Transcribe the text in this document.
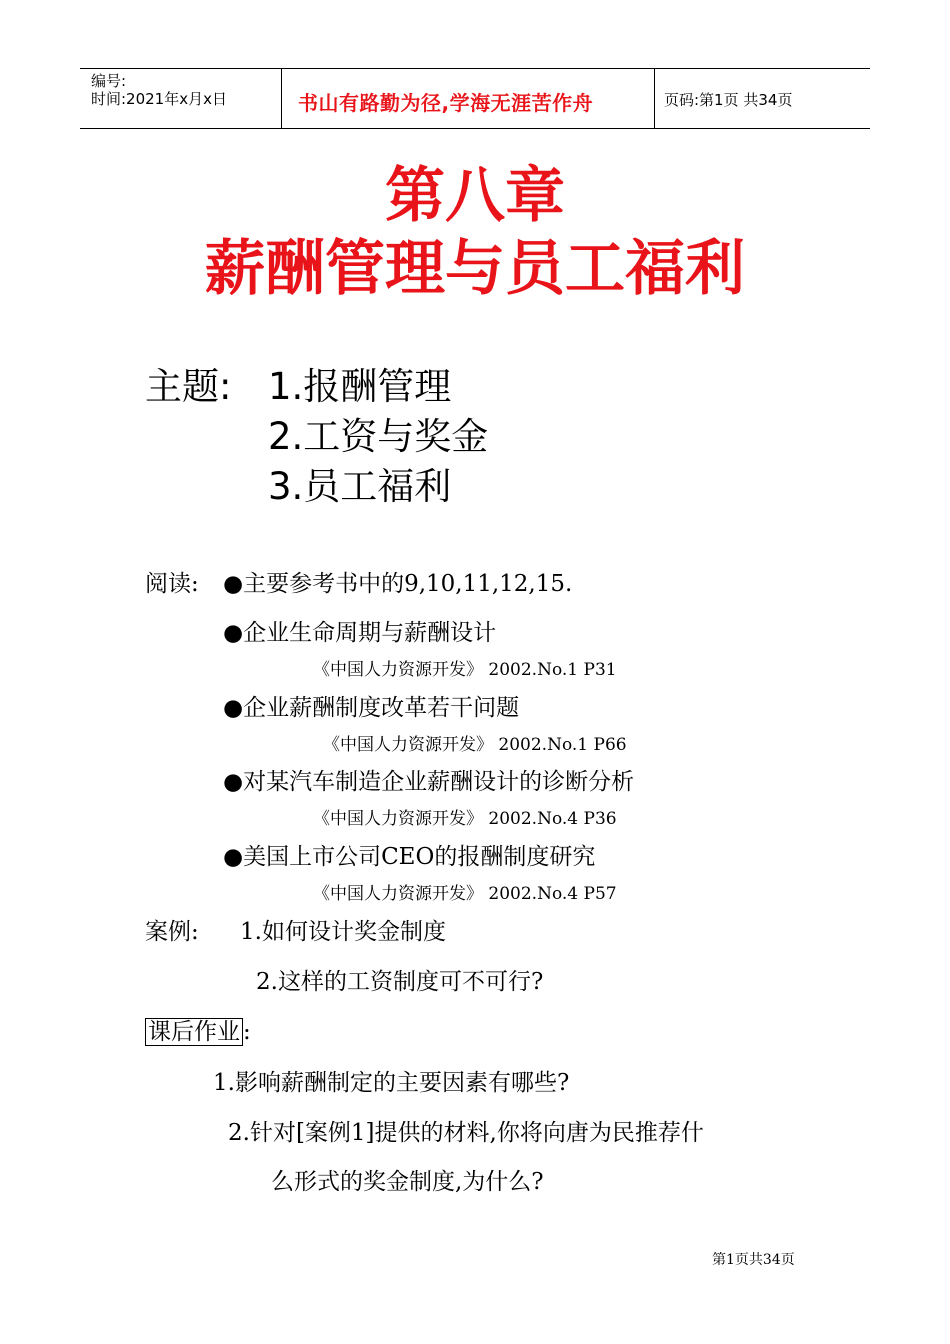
编号:
时间:2021年x月x日	书山有路勤为径,学海无涯苦作舟	页码:第1页 共34页
第八章
薪酬管理与员工福利
主题: 1.报酬管理
2.工资与奖金
3.员工福利
阅读: ●主要参考书中的9,10,11,12,15.
●企业生命周期与薪酬设计
《中国人力资源开发》 2002.No.1 P31
●企业薪酬制度改革若干问题
《中国人力资源开发》 2002.No.1 P66
●对某汽车制造企业薪酬设计的诊断分析
《中国人力资源开发》 2002.No.4 P36
●美国上市公司CEO的报酬制度研究
《中国人力资源开发》 2002.No.4 P57
案例: 1.如何设计奖金制度
2.这样的工资制度可不可行?
课后作业 :
1.影响薪酬制定的主要因素有哪些?
2.针对[案例1]提供的材料,你将向唐为民推荐什
么形式的奖金制度,为什么?
第1页共34页
